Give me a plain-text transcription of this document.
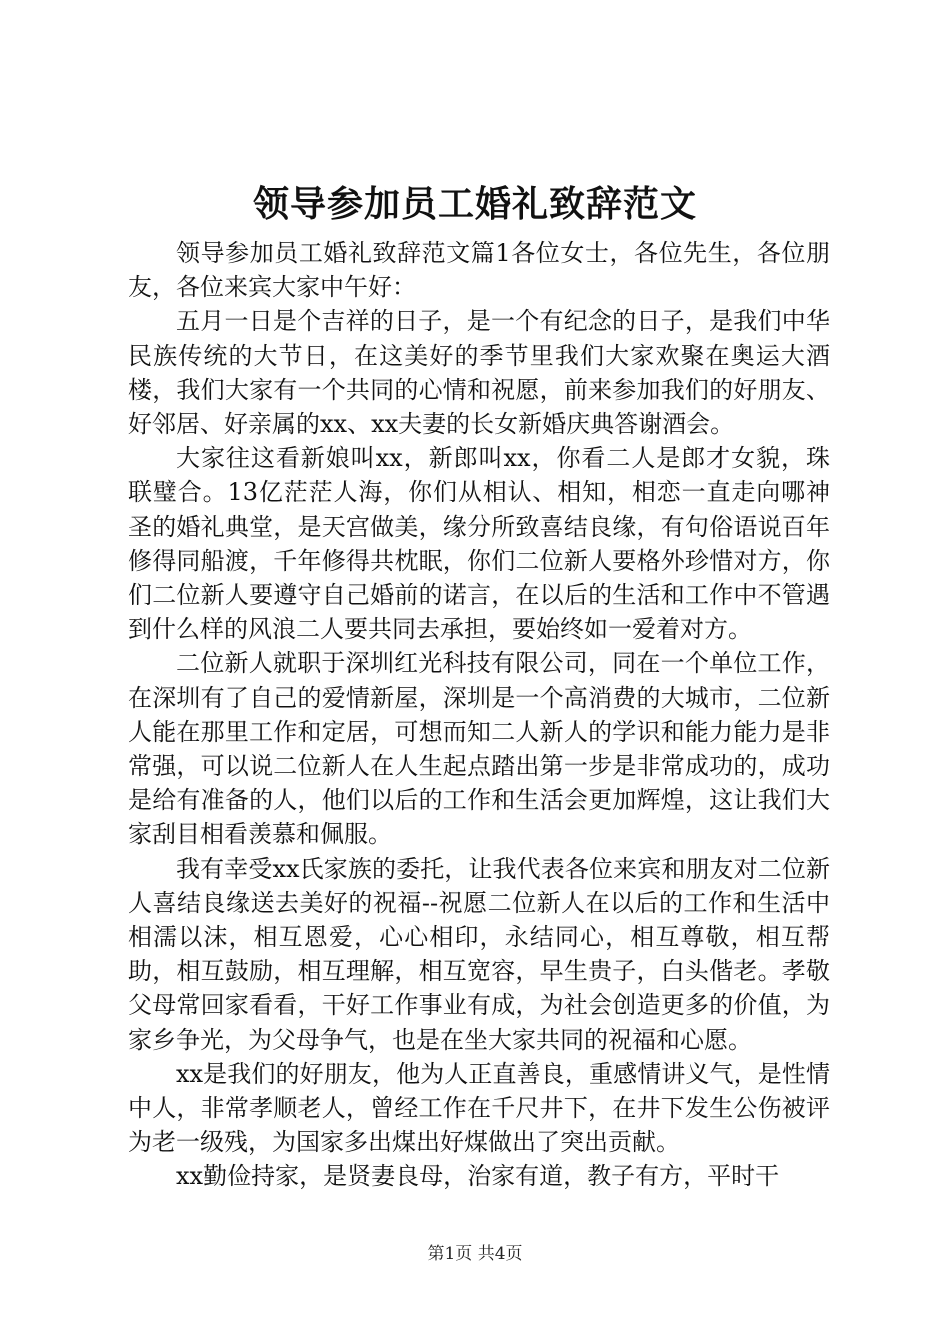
领导参加员工婚礼致辞范文

领导参加员工婚礼致辞范文篇1各位女士，各位先生，各位朋友，各位来宾大家中午好：

五月一日是个吉祥的日子，是一个有纪念的日子，是我们中华民族传统的大节日，在这美好的季节里我们大家欢聚在奥运大酒楼，我们大家有一个共同的心情和祝愿，前来参加我们的好朋友、好邻居、好亲属的xx、xx夫妻的长女新婚庆典答谢酒会。

大家往这看新娘叫xx，新郎叫xx，你看二人是郎才女貌，珠联璧合。13亿茫茫人海，你们从相认、相知，相恋一直走向哪神圣的婚礼典堂，是天宫做美，缘分所致喜结良缘，有句俗语说百年修得同船渡，千年修得共枕眠，你们二位新人要格外珍惜对方，你们二位新人要遵守自己婚前的诺言，在以后的生活和工作中不管遇到什么样的风浪二人要共同去承担，要始终如一爱着对方。

二位新人就职于深圳红光科技有限公司，同在一个单位工作，在深圳有了自己的爱情新屋，深圳是一个高消费的大城市，二位新人能在那里工作和定居，可想而知二人新人的学识和能力能力是非常强，可以说二位新人在人生起点踏出第一步是非常成功的，成功是给有准备的人，他们以后的工作和生活会更加辉煌，这让我们大家刮目相看羡慕和佩服。

我有幸受xx氏家族的委托，让我代表各位来宾和朋友对二位新人喜结良缘送去美好的祝福--祝愿二位新人在以后的工作和生活中相濡以沫，相互恩爱，心心相印，永结同心，相互尊敬，相互帮助，相互鼓励，相互理解，相互宽容，早生贵子，白头偕老。孝敬父母常回家看看，干好工作事业有成，为社会创造更多的价值，为家乡争光，为父母争气，也是在坐大家共同的祝福和心愿。

xx是我们的好朋友，他为人正直善良，重感情讲义气，是性情中人，非常孝顺老人，曾经工作在千尺井下，在井下发生公伤被评为老一级残，为国家多出煤出好煤做出了突出贡献。

xx勤俭持家，是贤妻良母，治家有道，教子有方，平时干

第1页 共4页
